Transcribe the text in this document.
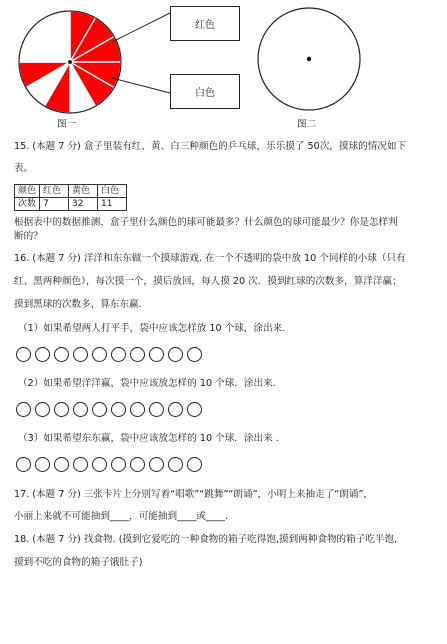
红色
白色
图一	图二
15. (本题 7 分) 盒子里装有红、黄、白三种颜色的乒乓球，乐乐摸了 50次，摸球的情况如下
表。
颜色	红色	黄色	白色
次数	7	32	11
根据表中的数据推测，盒子里什么颜色的球可能最多？什么颜色的球可能最少？你是怎样判
断的？
16. (本题 7 分) 洋洋和东东做一个摸球游戏. 在一个不透明的袋中放 10 个同样的小球（只有
红、黑两种颜色），每次摸一个，摸后放回，每人摸 20 次．摸到红球的次数多，算洋洋赢；
摸到黑球的次数多，算东东赢.
（1）如果希望两人打平手，袋中应该怎样放 10 个球，涂出来.
（2）如果希望洋洋赢，袋中应该放怎样的 10 个球．涂出来．
（3）如果希望东东赢，袋中应该放怎样的 10 个球．涂出来 .
17. (本题 7 分) 三张卡片上分别写着“唱歌”“跳舞”“朗诵”，小明上来抽走了“朗诵”，
小丽上来就不可能抽到____，可能抽到____或____.
18. (本题 7 分) 找食物. (摸到它爱吃的一种食物的箱子吃得饱,摸到两种食物的箱子吃半饱,
摸到不吃的食物的箱子饿肚子)
